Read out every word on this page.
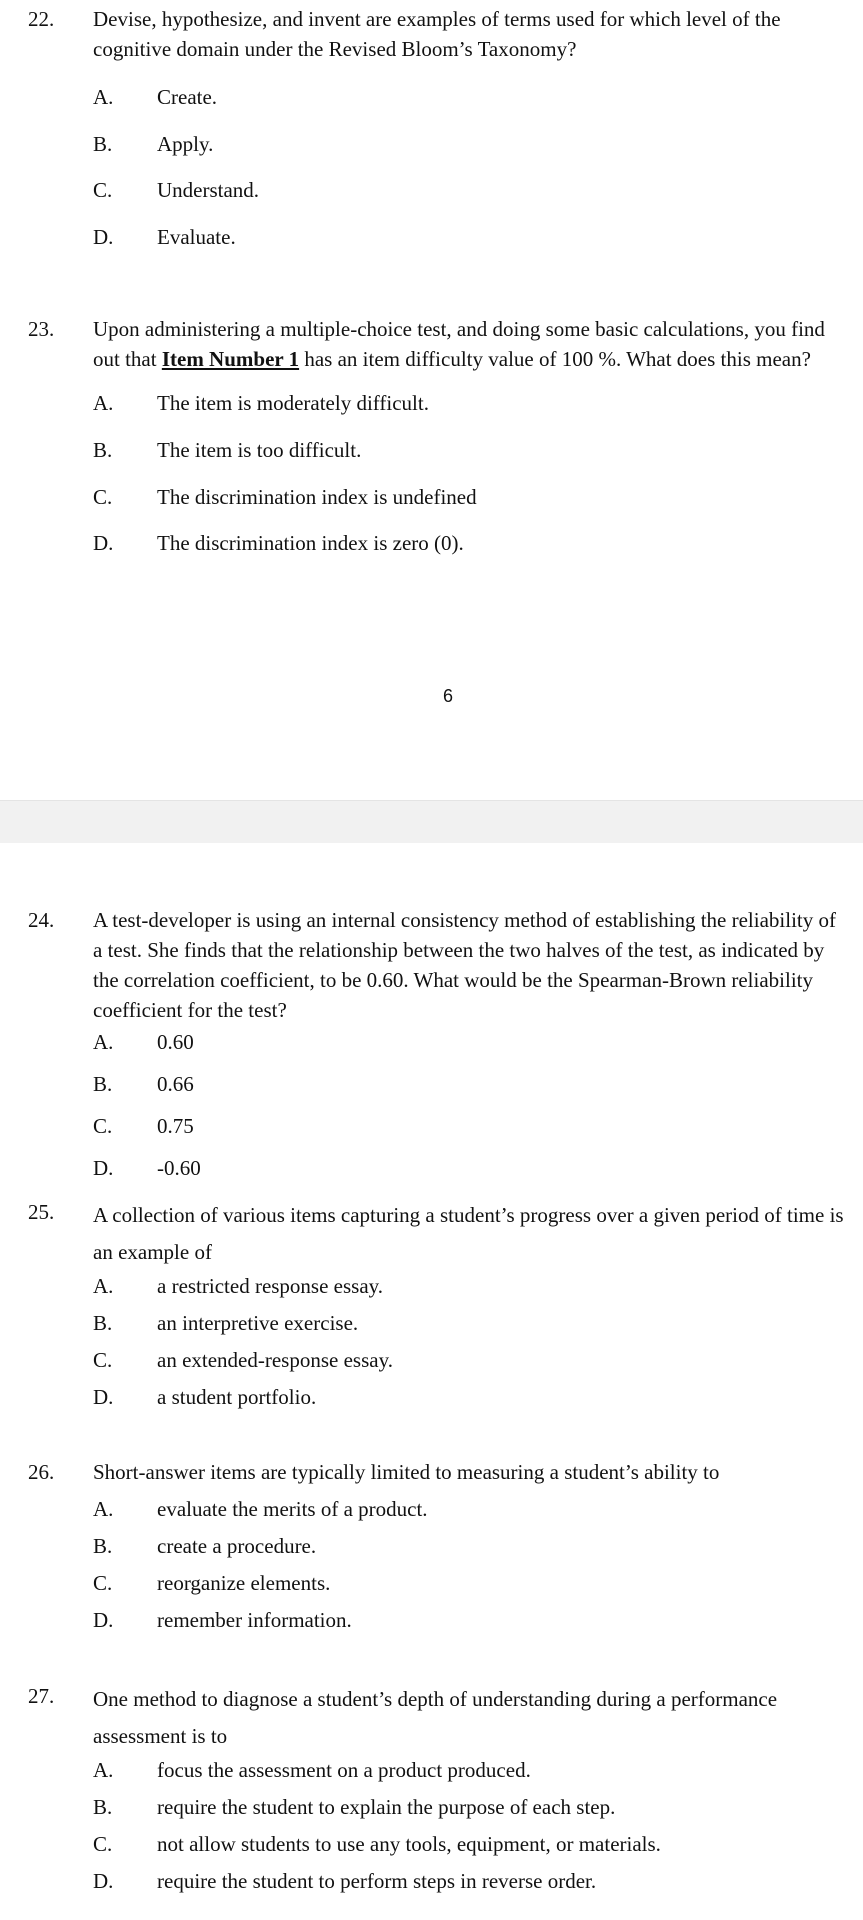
22. Devise, hypothesize, and invent are examples of terms used for which level of the
cognitive domain under the Revised Bloom’s Taxonomy?
A. Create.
B. Apply.
C. Understand.
D. Evaluate.
23. Upon administering a multiple-choice test, and doing some basic calculations, you find
out that Item Number 1 has an item difficulty value of 100 %. What does this mean?
A. The item is moderately difficult.
B. The item is too difficult.
C. The discrimination index is undefined
D. The discrimination index is zero (0).
6
24. A test-developer is using an internal consistency method of establishing the reliability of
a test. She finds that the relationship between the two halves of the test, as indicated by
the correlation coefficient, to be 0.60. What would be the Spearman-Brown reliability
coefficient for the test?
A. 0.60
B. 0.66
C. 0.75
D. -0.60
25. A collection of various items capturing a student’s progress over a given period of time is
an example of
A. a restricted response essay.
B. an interpretive exercise.
C. an extended-response essay.
D. a student portfolio.
26. Short-answer items are typically limited to measuring a student’s ability to
A. evaluate the merits of a product.
B. create a procedure.
C. reorganize elements.
D. remember information.
27. One method to diagnose a student’s depth of understanding during a performance
assessment is to
A. focus the assessment on a product produced.
B. require the student to explain the purpose of each step.
C. not allow students to use any tools, equipment, or materials.
D. require the student to perform steps in reverse order.
